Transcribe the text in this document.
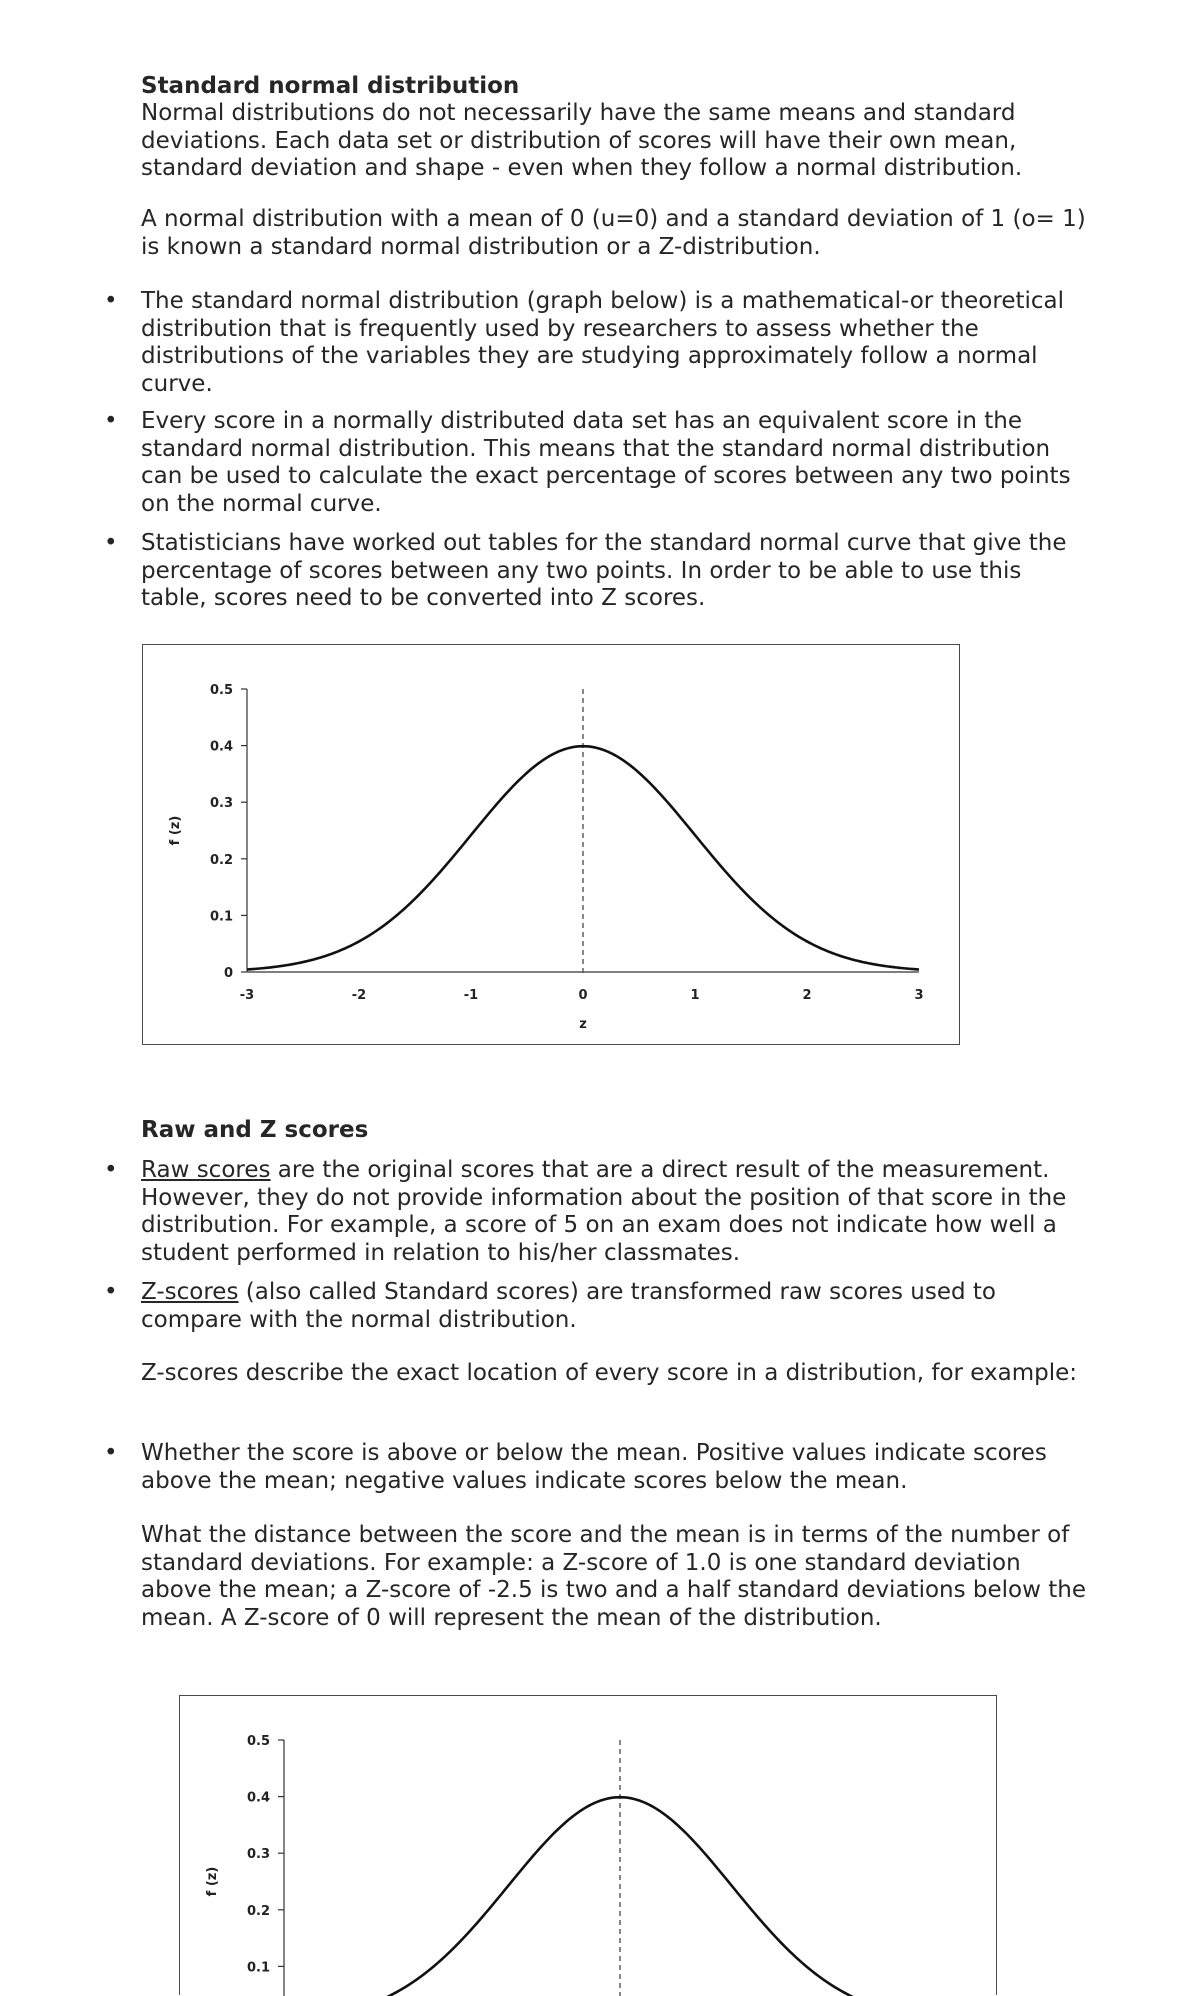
Standard normal distribution

Normal distributions do not necessarily have the same means and standard deviations. Each data set or distribution of scores will have their own mean, standard deviation and shape - even when they follow a normal distribution.

A normal distribution with a mean of 0 (u=0) and a standard deviation of 1 (o= 1) is known a standard normal distribution or a Z-distribution.

• The standard normal distribution (graph below) is a mathematical-or theoretical distribution that is frequently used by researchers to assess whether the distributions of the variables they are studying approximately follow a normal curve.

• Every score in a normally distributed data set has an equivalent score in the standard normal distribution. This means that the standard normal distribution can be used to calculate the exact percentage of scores between any two points on the normal curve.

• Statisticians have worked out tables for the standard normal curve that give the percentage of scores between any two points. In order to be able to use this table, scores need to be converted into Z scores.

0
0.1
0.2
0.3
0.4
0.5
-3	-2	-1	0	1	2	3
z
f (z)
Raw and Z scores
• Raw scores are the original scores that are a direct result of the measurement. However, they do not provide information about the position of that score in the distribution. For example, a score of 5 on an exam does not indicate how well a student performed in relation to his/her classmates.

• Z-scores (also called Standard scores) are transformed raw scores used to compare with the normal distribution.

Z-scores describe the exact location of every score in a distribution, for example:

• Whether the score is above or below the mean. Positive values indicate scores above the mean; negative values indicate scores below the mean.

What the distance between the score and the mean is in terms of the number of standard deviations. For example: a Z-score of 1.0 is one standard deviation above the mean; a Z-score of -2.5 is two and a half standard deviations below the mean. A Z-score of 0 will represent the mean of the distribution.

0.1
0.2
0.3
0.4
0.5
f (z)
